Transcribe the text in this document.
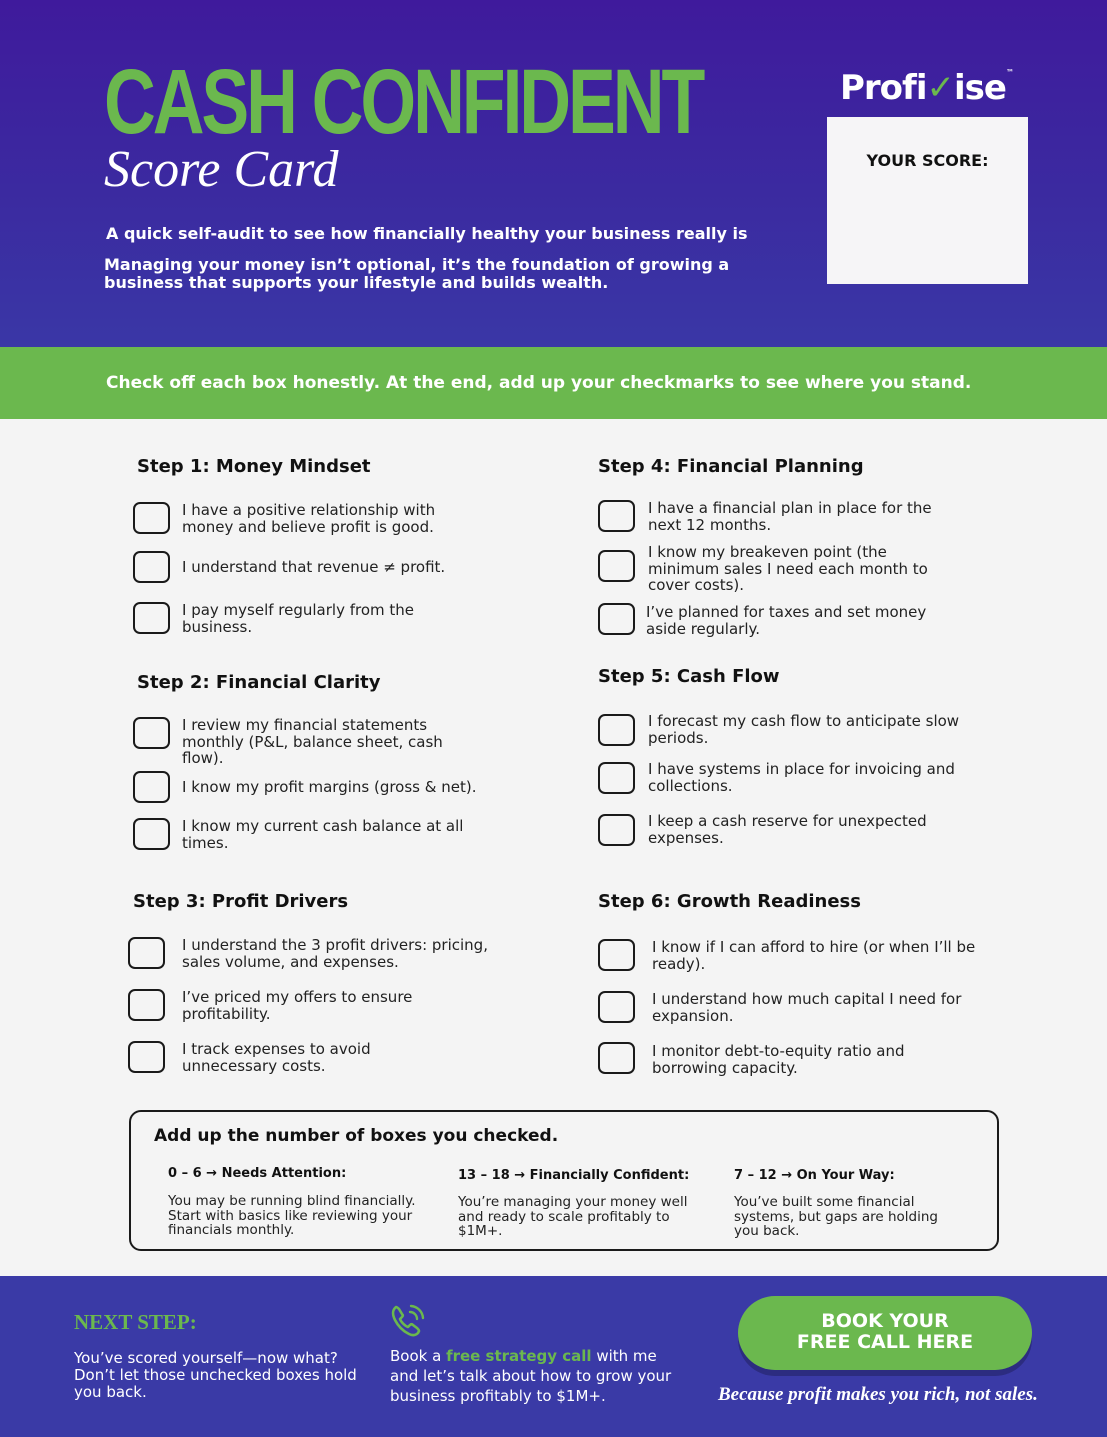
CASH CONFIDENT
Score Card
A quick self-audit to see how financially healthy your business really is
Managing your money isn’t optional, it’s the foundation of growing a business that supports your lifestyle and builds wealth.
Profi✓ise™
YOUR SCORE:
Check off each box honestly. At the end, add up your checkmarks to see where you stand.
Step 1: Money Mindset
I have a positive relationship with money and believe profit is good.
I understand that revenue ≠ profit.
I pay myself regularly from the business.
Step 2: Financial Clarity
I review my financial statements monthly (P&L, balance sheet, cash flow).
I know my profit margins (gross & net).
I know my current cash balance at all times.
Step 3: Profit Drivers
I understand the 3 profit drivers: pricing, sales volume, and expenses.
I’ve priced my offers to ensure profitability.
I track expenses to avoid unnecessary costs.
Step 4: Financial Planning
I have a financial plan in place for the next 12 months.
I know my breakeven point (the minimum sales I need each month to cover costs).
I’ve planned for taxes and set money aside regularly.
Step 5: Cash Flow
I forecast my cash flow to anticipate slow periods.
I have systems in place for invoicing and collections.
I keep a cash reserve for unexpected expenses.
Step 6: Growth Readiness
I know if I can afford to hire (or when I’ll be ready).
I understand how much capital I need for expansion.
I monitor debt-to-equity ratio and borrowing capacity.
Add up the number of boxes you checked.
0 – 6 → Needs Attention:
You may be running blind financially. Start with basics like reviewing your financials monthly.
13 – 18 → Financially Confident:
You’re managing your money well and ready to scale profitably to $1M+.
7 – 12 → On Your Way:
You’ve built some financial systems, but gaps are holding you back.
NEXT STEP:
You’ve scored yourself—now what? Don’t let those unchecked boxes hold you back.
Book a free strategy call with me and let’s talk about how to grow your business profitably to $1M+.
BOOK YOUR
FREE CALL HERE
Because profit makes you rich, not sales.
